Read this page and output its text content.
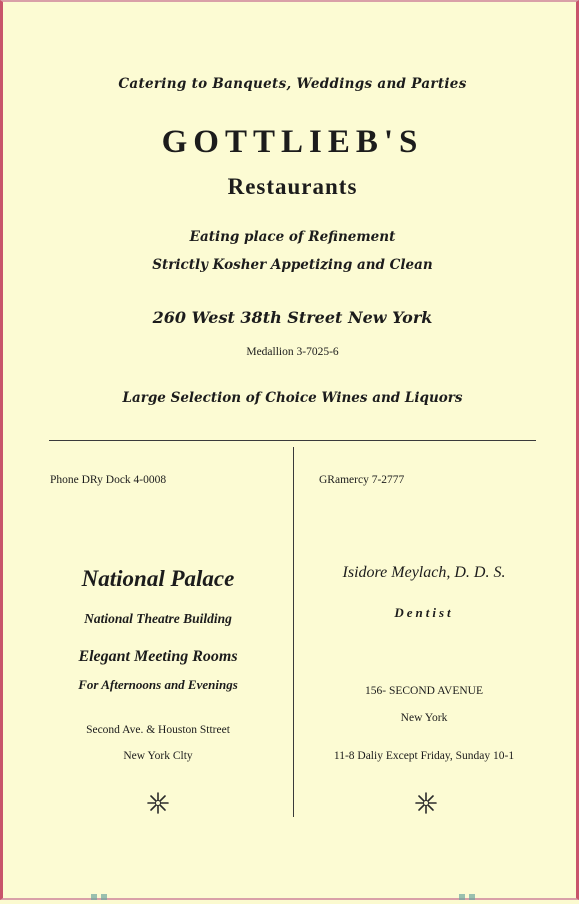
Catering to Banquets, Weddings and Parties
GOTTLIEB'S
Restaurants
Eating place of Refinement
Strictly Kosher Appetizing and Clean
260 West 38th Street New York
Medallion 3-7025-6
Large Selection of Choice Wines and Liquors
Phone DRy Dock 4-0008	GRamercy 7-2777
National Palace
National Theatre Building
Elegant Meeting Rooms
For Afternoons and Evenings
Second Ave. & Houston Sttreet
New York Clty
Isidore Meylach, D. D. S.
Dentist
156- SECOND AVENUE
New York
11-8 Daliy Except Friday, Sunday 10-1
